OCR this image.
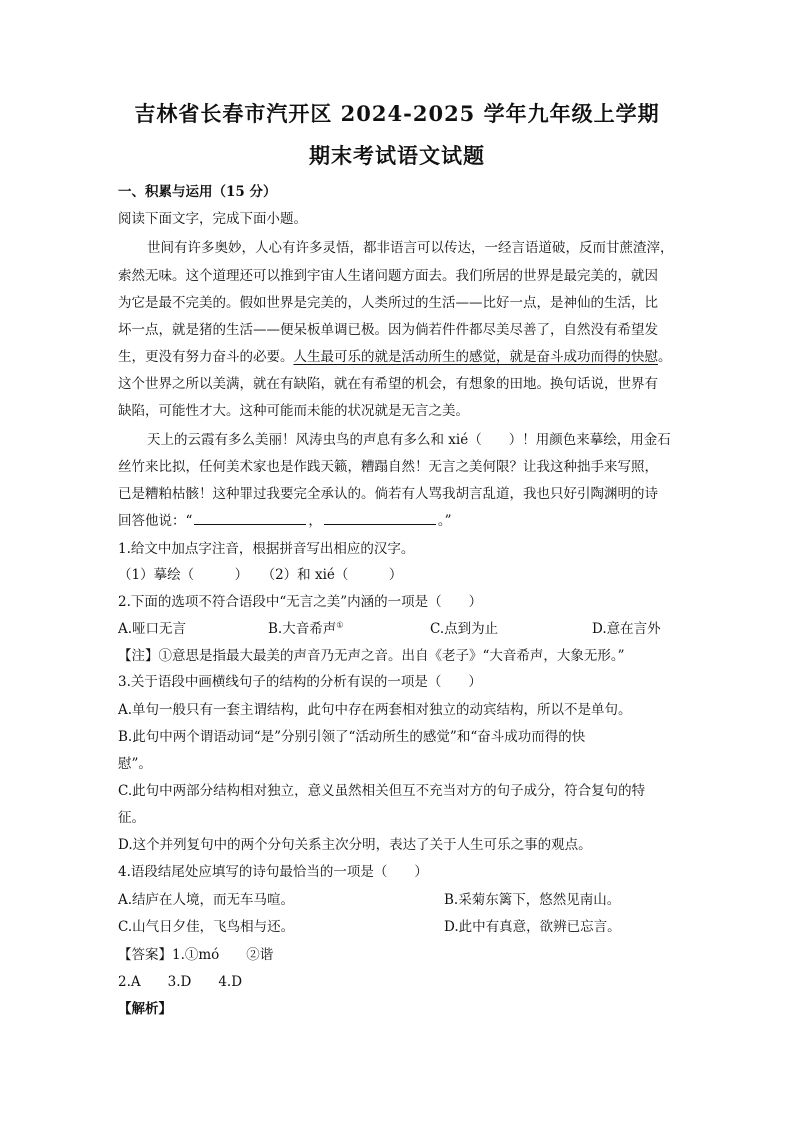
吉林省长春市汽开区 2024-2025 学年九年级上学期
期末考试语文试题
一、积累与运用（15 分）
阅读下面文字，完成下面小题。
世间有许多奥妙，人心有许多灵悟，都非语言可以传达，一经言语道破，反而甘蔗渣滓，
索然无味。这个道理还可以推到宇宙人生诸问题方面去。我们所居的世界是最完美的，就因
为它是最不完美的。假如世界是完美的，人类所过的生活——比好一点，是神仙的生活，比
坏一点，就是猪的生活——便呆板单调已极。因为倘若件件都尽美尽善了，自然没有希望发
生，更没有努力奋斗的必要。人生最可乐的就是活动所生的感觉，就是奋斗成功而得的快慰。
这个世界之所以美满，就在有缺陷，就在有希望的机会，有想象的田地。换句话说，世界有
缺陷，可能性才大。这种可能而未能的状况就是无言之美。
天上的云霞有多么美丽！风涛虫鸟的声息有多么和 xié（　　）！用颜色来摹绘，用金石
丝竹来比拟，任何美术家也是作践天籁，糟蹋自然！无言之美何限？让我这种拙手来写照，
已是糟粕枯骸！这种罪过我要完全承认的。倘若有人骂我胡言乱道，我也只好引陶渊明的诗
回答他说：“	，	。”
1.给文中加点字注音，根据拼音写出相应的汉字。
（1）摹绘（　　　）　　（2）和 xié（　　　）
2.下面的选项不符合语段中“无言之美”内涵的一项是（　　）
A.哑口无言	B.大音希声①	C.点到为止	D.意在言外
【注】①意思是指最大最美的声音乃无声之音。出自《老子》“大音希声，大象无形。”
3.关于语段中画横线句子的结构的分析有误的一项是（　　）
A.单句一般只有一套主谓结构，此句中存在两套相对独立的动宾结构，所以不是单句。
B.此句中两个谓语动词“是”分别引领了“活动所生的感觉”和“奋斗成功而得的快
慰”。
C.此句中两部分结构相对独立，意义虽然相关但互不充当对方的句子成分，符合复句的特
征。
D.这个并列复句中的两个分句关系主次分明，表达了关于人生可乐之事的观点。
4.语段结尾处应填写的诗句最恰当的一项是（　　）
A.结庐在人境，而无车马喧。	B.采菊东篱下，悠然见南山。
C.山气日夕佳，飞鸟相与还。	D.此中有真意，欲辨已忘言。
【答案】1.①mó　　②谐
2.A　　3.D　　4.D
【解析】
